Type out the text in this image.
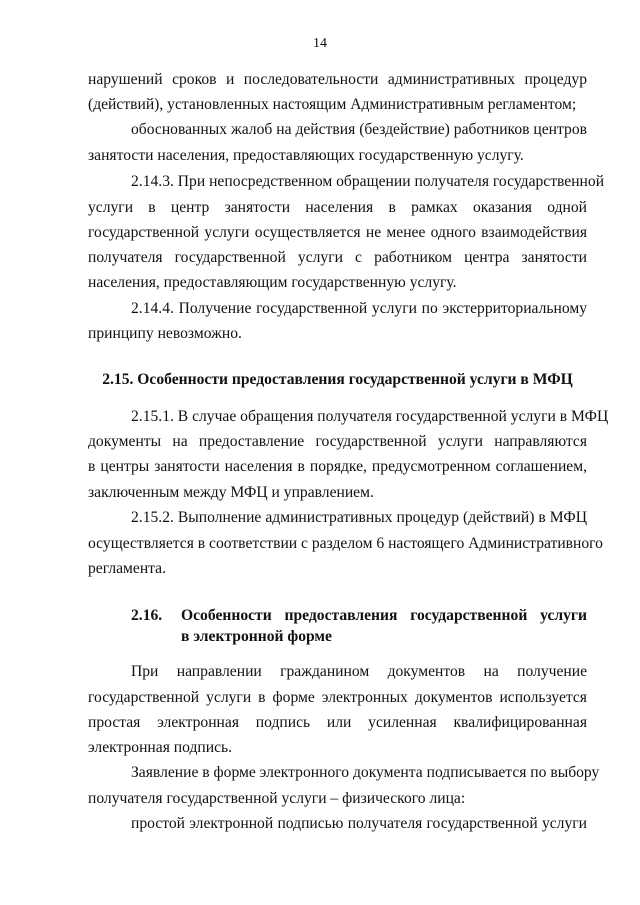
14
нарушений сроков и последовательности административных процедур
(действий), установленных настоящим Административным регламентом;
обоснованных жалоб на действия (бездействие) работников центров
занятости населения, предоставляющих государственную услугу.
2.14.3. При непосредственном обращении получателя государственной
услуги в центр занятости населения в рамках оказания одной
государственной услуги осуществляется не менее одного взаимодействия
получателя государственной услуги с работником центра занятости
населения, предоставляющим государственную услугу.
2.14.4. Получение государственной услуги по экстерриториальному
принципу невозможно.
2.15. Особенности предоставления государственной услуги в МФЦ
2.15.1. В случае обращения получателя государственной услуги в МФЦ
документы на предоставление государственной услуги направляются
в центры занятости населения в порядке, предусмотренном соглашением,
заключенным между МФЦ и управлением.
2.15.2. Выполнение административных процедур (действий) в МФЦ
осуществляется в соответствии с разделом 6 настоящего Административного
регламента.
2.16.	Особенности предоставления государственной услуги
в электронной форме
При направлении гражданином документов на получение
государственной услуги в форме электронных документов используется
простая электронная подпись или усиленная квалифицированная
электронная подпись.
Заявление в форме электронного документа подписывается по выбору
получателя государственной услуги – физического лица:
простой электронной подписью получателя государственной услуги
